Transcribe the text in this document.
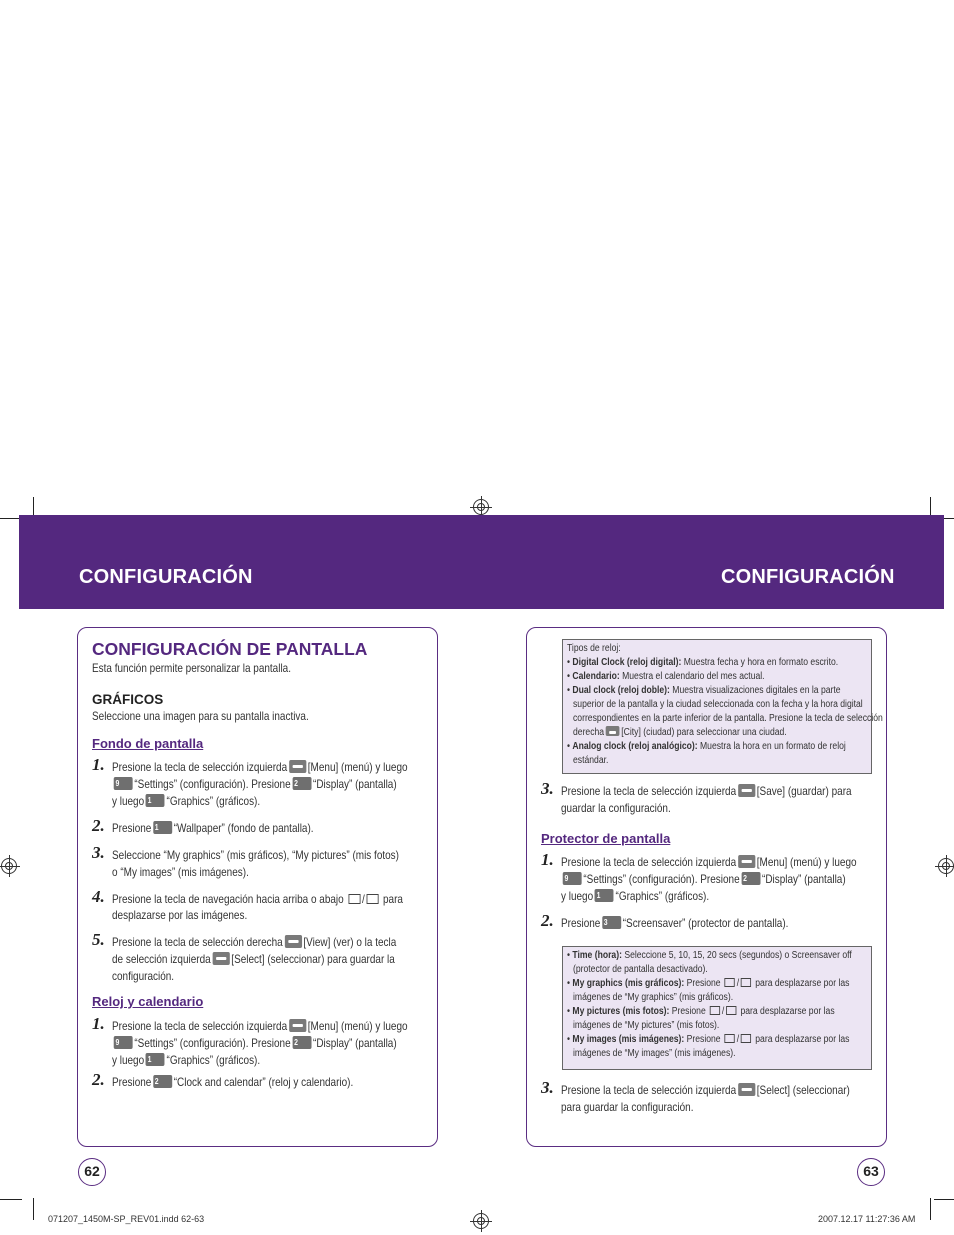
CONFIGURACIÓN	CONFIGURACIÓN
CONFIGURACIÓN DE PANTALLA
Esta función permite personalizar la pantalla.
GRÁFICOS
Seleccione una imagen para su pantalla inactiva.
Fondo de pantalla
1. Presione la tecla de selección izquierda [Menu] (menú) y luego
9 “Settings” (configuración). Presione 2 “Display” (pantalla)
y luego 1 “Graphics” (gráficos).
2. Presione 1 “Wallpaper” (fondo de pantalla).
3. Seleccione “My graphics” (mis gráficos), “My pictures” (mis fotos)
o “My images” (mis imágenes).
4. Presione la tecla de navegación hacia arriba o abajo / para
desplazarse por las imágenes.
5. Presione la tecla de selección derecha [View] (ver) o la tecla
de selección izquierda [Select] (seleccionar) para guardar la
configuración.
Reloj y calendario
1. Presione la tecla de selección izquierda [Menu] (menú) y luego
9 “Settings” (configuración). Presione 2 “Display” (pantalla)
y luego 1 “Graphics” (gráficos).
2. Presione 2 “Clock and calendar” (reloj y calendario).
62
Tipos de reloj:
• Digital Clock (reloj digital): Muestra fecha y hora en formato escrito.
• Calendario: Muestra el calendario del mes actual.
• Dual clock (reloj doble): Muestra visualizaciones digitales en la parte
superior de la pantalla y la ciudad seleccionada con la fecha y la hora digital
correspondientes en la parte inferior de la pantalla. Presione la tecla de selección
derecha [City] (ciudad) para seleccionar una ciudad.
• Analog clock (reloj analógico): Muestra la hora en un formato de reloj
estándar.
3. Presione la tecla de selección izquierda [Save] (guardar) para
guardar la configuración.
Protector de pantalla
1. Presione la tecla de selección izquierda [Menu] (menú) y luego
9 “Settings” (configuración). Presione 2 “Display” (pantalla)
y luego 1 “Graphics” (gráficos).
2. Presione 3 “Screensaver” (protector de pantalla).
• Time (hora): Seleccione 5, 10, 15, 20 secs (segundos) o Screensaver off
(protector de pantalla desactivado).
• My graphics (mis gráficos): Presione / para desplazarse por las
imágenes de “My graphics” (mis gráficos).
• My pictures (mis fotos): Presione / para desplazarse por las
imágenes de “My pictures” (mis fotos).
• My images (mis imágenes): Presione / para desplazarse por las
imágenes de “My images” (mis imágenes).
3. Presione la tecla de selección izquierda [Select] (seleccionar)
para guardar la configuración.
63
071207_1450M-SP_REV01.indd 62-63	2007.12.17 11:27:36 AM
